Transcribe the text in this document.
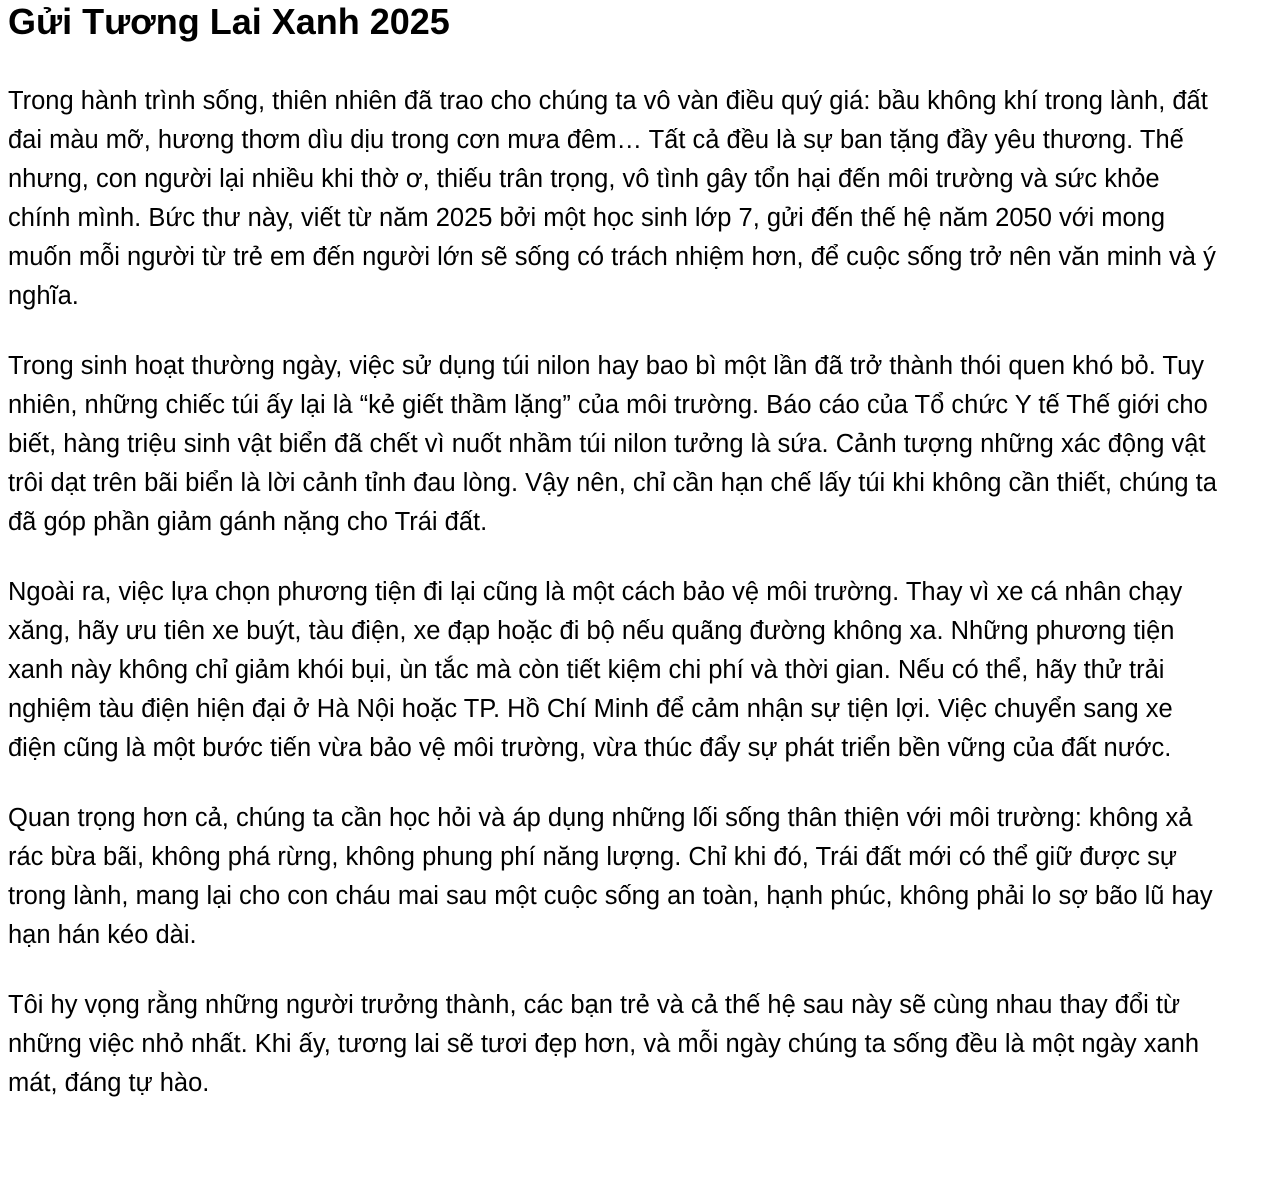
Gửi Tương Lai Xanh 2025

Trong hành trình sống, thiên nhiên đã trao cho chúng ta vô vàn điều quý giá: bầu không khí trong lành, đất đai màu mỡ, hương thơm dìu dịu trong cơn mưa đêm… Tất cả đều là sự ban tặng đầy yêu thương. Thế nhưng, con người lại nhiều khi thờ ơ, thiếu trân trọng, vô tình gây tổn hại đến môi trường và sức khỏe chính mình. Bức thư này, viết từ năm 2025 bởi một học sinh lớp 7, gửi đến thế hệ năm 2050 với mong muốn mỗi người từ trẻ em đến người lớn sẽ sống có trách nhiệm hơn, để cuộc sống trở nên văn minh và ý nghĩa.

Trong sinh hoạt thường ngày, việc sử dụng túi nilon hay bao bì một lần đã trở thành thói quen khó bỏ. Tuy nhiên, những chiếc túi ấy lại là “kẻ giết thầm lặng” của môi trường. Báo cáo của Tổ chức Y tế Thế giới cho biết, hàng triệu sinh vật biển đã chết vì nuốt nhầm túi nilon tưởng là sứa. Cảnh tượng những xác động vật trôi dạt trên bãi biển là lời cảnh tỉnh đau lòng. Vậy nên, chỉ cần hạn chế lấy túi khi không cần thiết, chúng ta đã góp phần giảm gánh nặng cho Trái đất.

Ngoài ra, việc lựa chọn phương tiện đi lại cũng là một cách bảo vệ môi trường. Thay vì xe cá nhân chạy xăng, hãy ưu tiên xe buýt, tàu điện, xe đạp hoặc đi bộ nếu quãng đường không xa. Những phương tiện xanh này không chỉ giảm khói bụi, ùn tắc mà còn tiết kiệm chi phí và thời gian. Nếu có thể, hãy thử trải nghiệm tàu điện hiện đại ở Hà Nội hoặc TP. Hồ Chí Minh để cảm nhận sự tiện lợi. Việc chuyển sang xe điện cũng là một bước tiến vừa bảo vệ môi trường, vừa thúc đẩy sự phát triển bền vững của đất nước.

Quan trọng hơn cả, chúng ta cần học hỏi và áp dụng những lối sống thân thiện với môi trường: không xả rác bừa bãi, không phá rừng, không phung phí năng lượng. Chỉ khi đó, Trái đất mới có thể giữ được sự trong lành, mang lại cho con cháu mai sau một cuộc sống an toàn, hạnh phúc, không phải lo sợ bão lũ hay hạn hán kéo dài.

Tôi hy vọng rằng những người trưởng thành, các bạn trẻ và cả thế hệ sau này sẽ cùng nhau thay đổi từ những việc nhỏ nhất. Khi ấy, tương lai sẽ tươi đẹp hơn, và mỗi ngày chúng ta sống đều là một ngày xanh mát, đáng tự hào.
